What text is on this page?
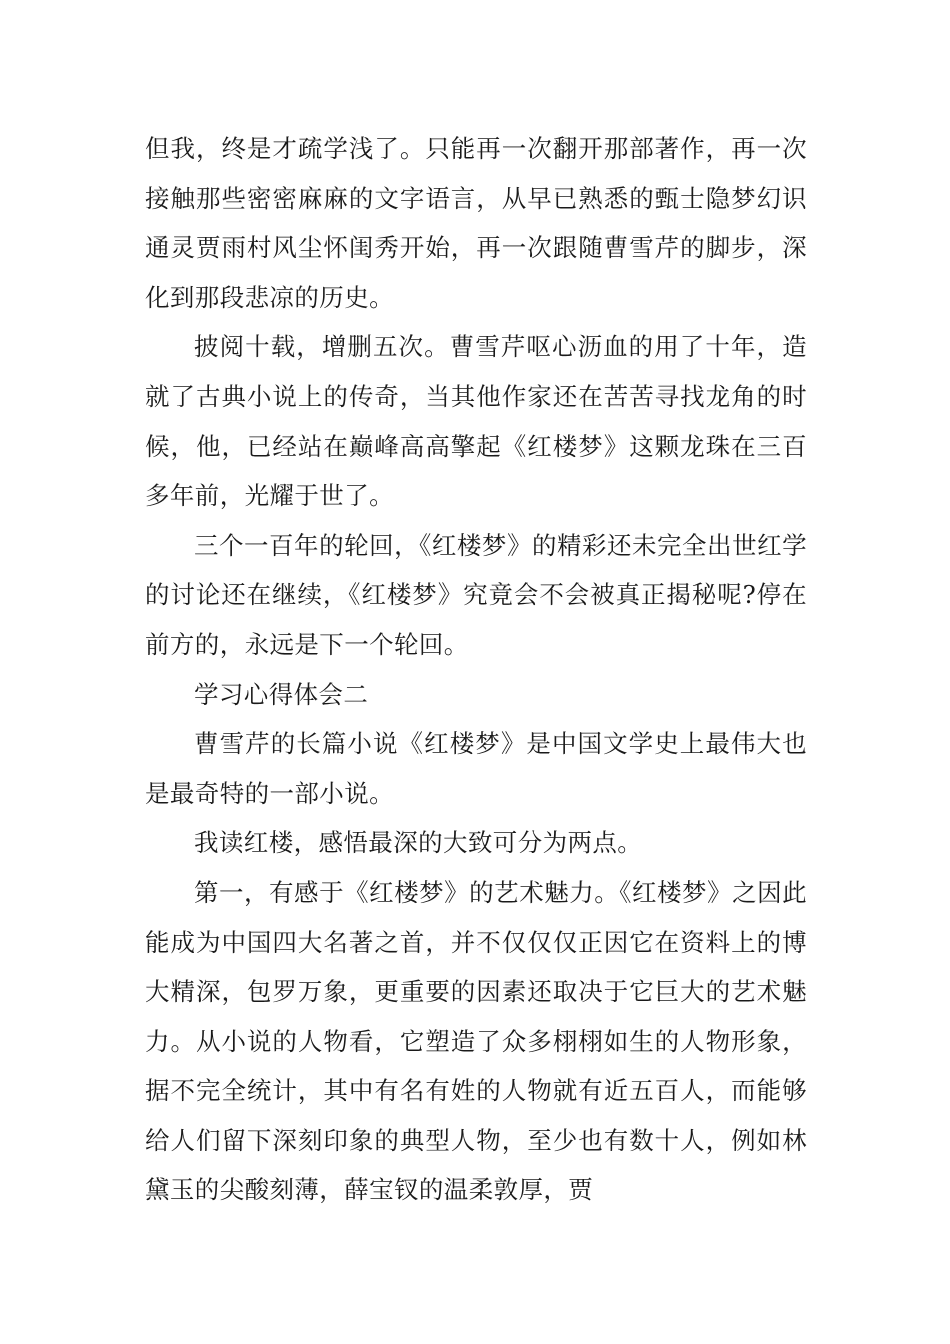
但我，终是才疏学浅了。只能再一次翻开那部著作，再一次接触那些密密麻麻的文字语言，从早已熟悉的甄士隐梦幻识通灵贾雨村风尘怀闺秀开始，再一次跟随曹雪芹的脚步，深化到那段悲凉的历史。

披阅十载，增删五次。曹雪芹呕心沥血的用了十年，造就了古典小说上的传奇，当其他作家还在苦苦寻找龙角的时候，他，已经站在巅峰高高擎起《红楼梦》这颗龙珠在三百多年前，光耀于世了。

三个一百年的轮回，《红楼梦》的精彩还未完全出世红学的讨论还在继续，《红楼梦》究竟会不会被真正揭秘呢?停在前方的，永远是下一个轮回。

学习心得体会二

曹雪芹的长篇小说《红楼梦》是中国文学史上最伟大也是最奇特的一部小说。

我读红楼，感悟最深的大致可分为两点。

第一，有感于《红楼梦》的艺术魅力。《红楼梦》之因此能成为中国四大名著之首，并不仅仅仅正因它在资料上的博大精深，包罗万象，更重要的因素还取决于它巨大的艺术魅力。从小说的人物看，它塑造了众多栩栩如生的人物形象，据不完全统计，其中有名有姓的人物就有近五百人，而能够给人们留下深刻印象的典型人物，至少也有数十人，例如林黛玉的尖酸刻薄，薛宝钗的温柔敦厚，贾
